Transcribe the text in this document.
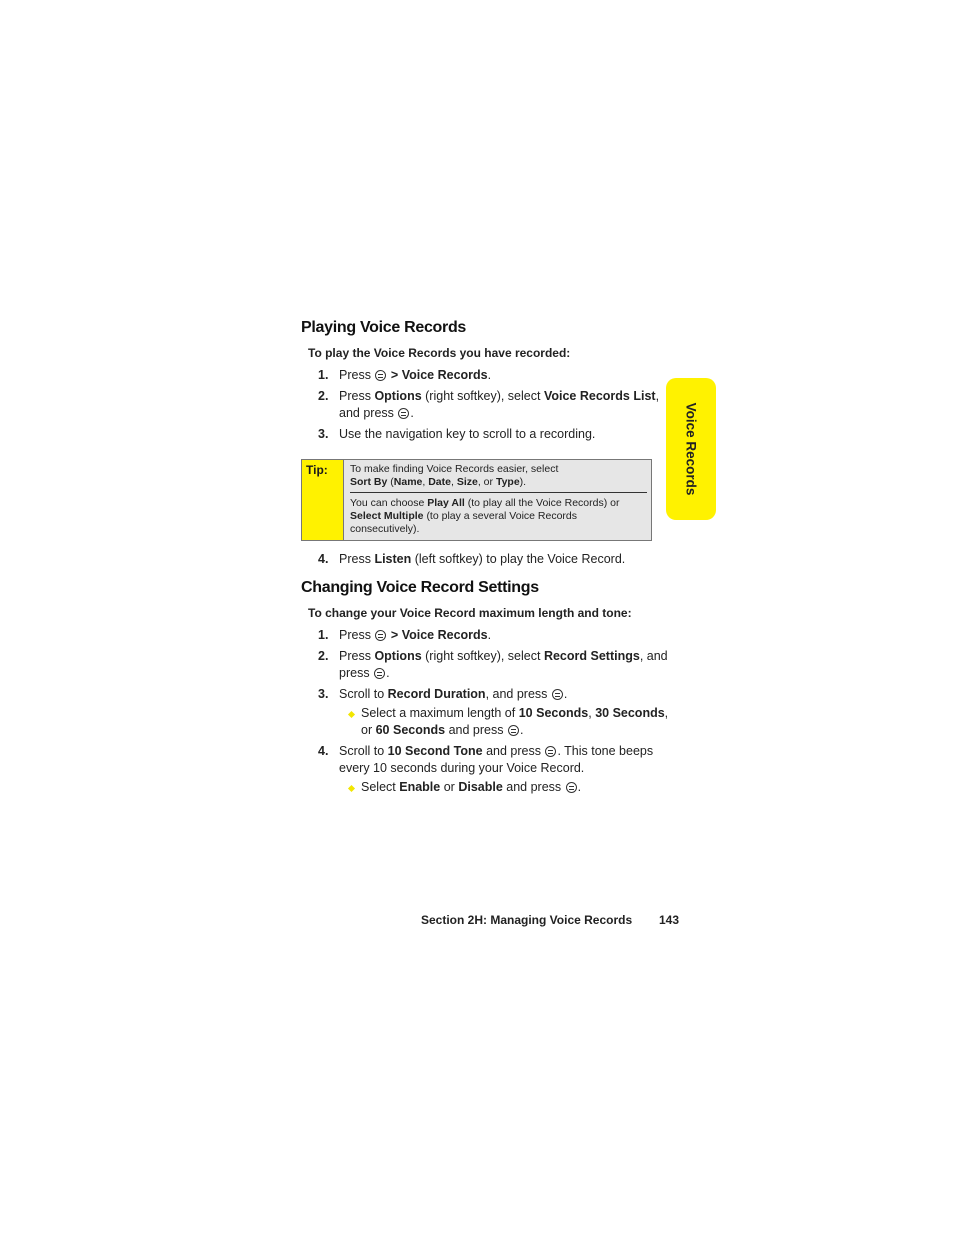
Playing Voice Records
To play the Voice Records you have recorded:
1. Press > Voice Records.
2. Press Options (right softkey), select Voice Records List,
and press .
3. Use the navigation key to scroll to a recording.
Tip:	To make finding Voice Records easier, select
Sort By (Name, Date, Size, or Type).
You can choose Play All (to play all the Voice Records) or
Select Multiple (to play a several Voice Records
consecutively).
4. Press Listen (left softkey) to play the Voice Record.
Changing Voice Record Settings
To change your Voice Record maximum length and tone:
1. Press > Voice Records.
2. Press Options (right softkey), select Record Settings, and
press .
3. Scroll to Record Duration, and press .
Select a maximum length of 10 Seconds, 30 Seconds,
or 60 Seconds and press .
4. Scroll to 10 Second Tone and press . This tone beeps
every 10 seconds during your Voice Record.
Select Enable or Disable and press .
Voice Records
Section 2H: Managing Voice Records 143
